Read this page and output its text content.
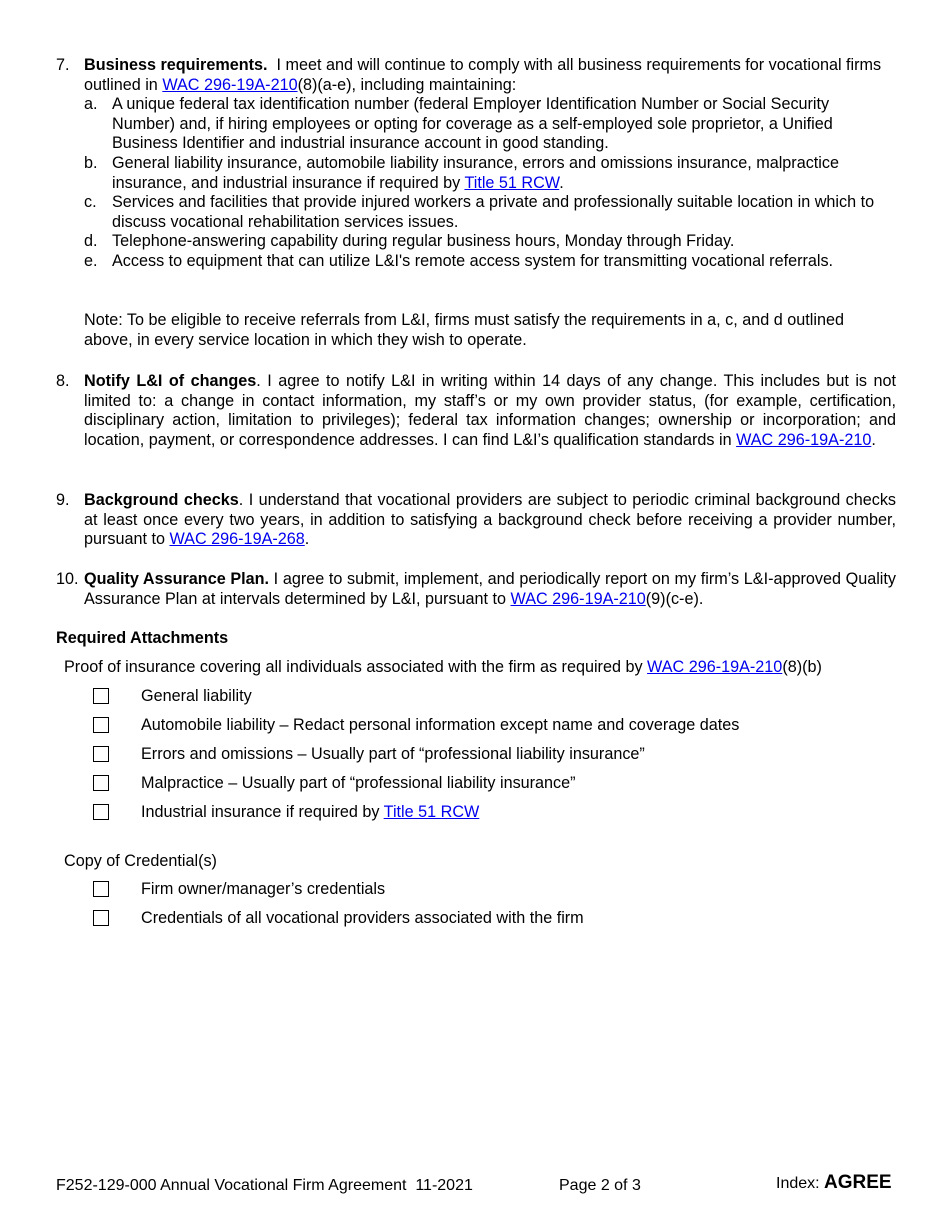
7. Business requirements.  I meet and will continue to comply with all business requirements for vocational firms outlined in WAC 296-19A-210(8)(a-e), including maintaining:
a. A unique federal tax identification number (federal Employer Identification Number or Social Security Number) and, if hiring employees or opting for coverage as a self-employed sole proprietor, a Unified Business Identifier and industrial insurance account in good standing.
b. General liability insurance, automobile liability insurance, errors and omissions insurance, malpractice insurance, and industrial insurance if required by Title 51 RCW.
c. Services and facilities that provide injured workers a private and professionally suitable location in which to discuss vocational rehabilitation services issues.
d. Telephone-answering capability during regular business hours, Monday through Friday.
e. Access to equipment that can utilize L&I's remote access system for transmitting vocational referrals.
Note: To be eligible to receive referrals from L&I, firms must satisfy the requirements in a, c, and d outlined above, in every service location in which they wish to operate.
8. Notify L&I of changes. I agree to notify L&I in writing within 14 days of any change. This includes but is not limited to: a change in contact information, my staff’s or my own provider status, (for example, certification, disciplinary action, limitation to privileges); federal tax information changes; ownership or incorporation; and location, payment, or correspondence addresses. I can find L&I’s qualification standards in WAC 296-19A-210.
9. Background checks. I understand that vocational providers are subject to periodic criminal background checks at least once every two years, in addition to satisfying a background check before receiving a provider number, pursuant to WAC 296-19A-268.
10. Quality Assurance Plan. I agree to submit, implement, and periodically report on my firm’s L&I-approved Quality Assurance Plan at intervals determined by L&I, pursuant to WAC 296-19A-210(9)(c-e).
Required Attachments
Proof of insurance covering all individuals associated with the firm as required by WAC 296-19A-210(8)(b)
General liability
Automobile liability – Redact personal information except name and coverage dates
Errors and omissions – Usually part of “professional liability insurance”
Malpractice – Usually part of “professional liability insurance”
Industrial insurance if required by Title 51 RCW
Copy of Credential(s)
Firm owner/manager’s credentials
Credentials of all vocational providers associated with the firm
F252-129-000 Annual Vocational Firm Agreement  11-2021	Page 2 of 3	Index: AGREE
